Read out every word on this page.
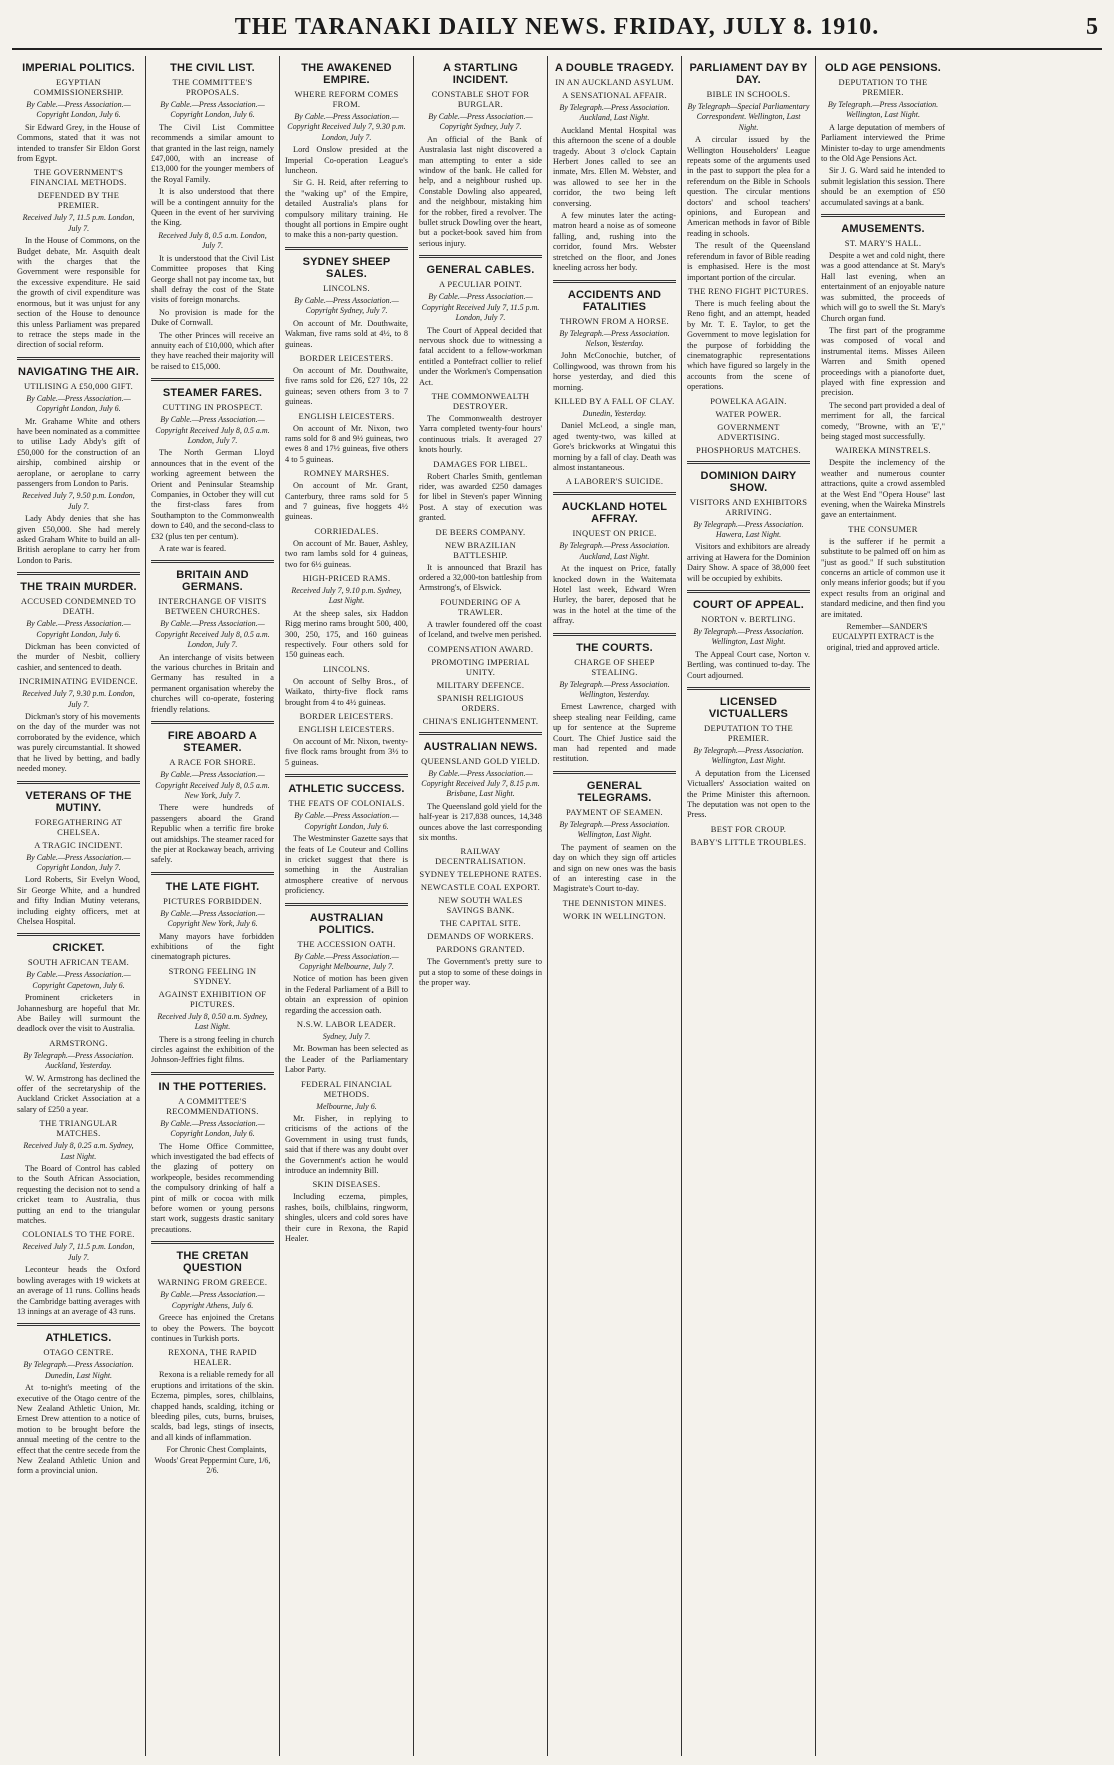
THE TARANAKI DAILY NEWS. FRIDAY, JULY 8. 1910.	5
IMPERIAL POLITICS.
EGYPTIAN COMMISSIONERSHIP.

By Cable.—Press Association.—Copyright London, July 6.

Sir Edward Grey, in the House of Commons, stated that it was not intended to transfer Sir Eldon Gorst from Egypt.

THE GOVERNMENT'S FINANCIAL METHODS.
DEFENDED BY THE PREMIER.

Received July 7, 11.5 p.m. London, July 7.

In the House of Commons, on the Budget debate, Mr. Asquith dealt with the charges that the Government were responsible for the excessive expenditure. He said the growth of civil expenditure was enormous, but it was unjust for any section of the House to denounce this unless Parliament was prepared to retrace the steps made in the direction of social reform.

NAVIGATING THE AIR.
UTILISING A £50,000 GIFT.

By Cable.—Press Association.—Copyright London, July 6.

Mr. Grahame White and others have been nominated as a committee to utilise Lady Abdy's gift of £50,000 for the construction of an airship, combined airship or aeroplane, or aeroplane to carry passengers from London to Paris.

Received July 7, 9.50 p.m. London, July 7.

Lady Abdy denies that she has given £50,000. She had merely asked Graham White to build an all-British aeroplane to carry her from London to Paris.

THE TRAIN MURDER.
ACCUSED CONDEMNED TO DEATH.

By Cable.—Press Association.—Copyright London, July 6.

Dickman has been convicted of the murder of Nesbit, colliery cashier, and sentenced to death.

INCRIMINATING EVIDENCE.

Received July 7, 9.30 p.m. London, July 7.

Dickman's story of his movements on the day of the murder was not corroborated by the evidence, which was purely circumstantial. It showed that he lived by betting, and badly needed money.

VETERANS OF THE MUTINY.
FOREGATHERING AT CHELSEA.
A TRAGIC INCIDENT.

By Cable.—Press Association.—Copyright London, July 7.

Lord Roberts, Sir Evelyn Wood, Sir George White, and a hundred and fifty Indian Mutiny veterans, including eighty officers, met at Chelsea Hospital.

CRICKET.
SOUTH AFRICAN TEAM.

By Cable.—Press Association.—Copyright Capetown, July 6.

Prominent cricketers in Johannesburg are hopeful that Mr. Abe Bailey will surmount the deadlock over the visit to Australia.

ARMSTRONG.

By Telegraph.—Press Association. Auckland, Yesterday.

W. W. Armstrong has declined the offer of the secretaryship of the Auckland Cricket Association at a salary of £250 a year.

THE TRIANGULAR MATCHES.

Received July 8, 0.25 a.m. Sydney, Last Night.

The Board of Control has cabled to the South African Association, requesting the decision not to send a cricket team to Australia, thus putting an end to the triangular matches.

COLONIALS TO THE FORE.

Received July 7, 11.5 p.m. London, July 7.

Leconteur heads the Oxford bowling averages with 19 wickets at an average of 11 runs. Collins heads the Cambridge batting averages with 13 innings at an average of 43 runs.

ATHLETICS.
OTAGO CENTRE.

By Telegraph.—Press Association. Dunedin, Last Night.

At to-night's meeting of the executive of the Otago centre of the New Zealand Athletic Union, Mr. Ernest Drew attention to a notice of motion to be brought before the annual meeting of the centre to the effect that the centre secede from the New Zealand Athletic Union and form a provincial union.

THE CIVIL LIST.
THE COMMITTEE'S PROPOSALS.

By Cable.—Press Association.—Copyright London, July 6.

The Civil List Committee recommends a similar amount to that granted in the last reign, namely £47,000, with an increase of £13,000 for the younger members of the Royal Family.

It is also understood that there will be a contingent annuity for the Queen in the event of her surviving the King.

Received July 8, 0.5 a.m. London, July 7.

It is understood that the Civil List Committee proposes that King George shall not pay income tax, but shall defray the cost of the State visits of foreign monarchs.

No provision is made for the Duke of Cornwall.

The other Princes will receive an annuity each of £10,000, which after they have reached their majority will be raised to £15,000.

STEAMER FARES.
CUTTING IN PROSPECT.

By Cable.—Press Association.—Copyright Received July 8, 0.5 a.m. London, July 7.

The North German Lloyd announces that in the event of the working agreement between the Orient and Peninsular Steamship Companies, in October they will cut the first-class fares from Southampton to the Commonwealth down to £40, and the second-class to £32 (plus ten per centum).

A rate war is feared.

BRITAIN AND GERMANS.
INTERCHANGE OF VISITS BETWEEN CHURCHES.

By Cable.—Press Association.—Copyright Received July 8, 0.5 a.m. London, July 7.

An interchange of visits between the various churches in Britain and Germany has resulted in a permanent organisation whereby the churches will co-operate, fostering friendly relations.

FIRE ABOARD A STEAMER.
A RACE FOR SHORE.

By Cable.—Press Association.—Copyright Received July 8, 0.5 a.m. New York, July 7.

There were hundreds of passengers aboard the Grand Republic when a terrific fire broke out amidships. The steamer raced for the pier at Rockaway beach, arriving safely.

THE LATE FIGHT.
PICTURES FORBIDDEN.

By Cable.—Press Association.—Copyright New York, July 6.

Many mayors have forbidden exhibitions of the fight cinematograph pictures.

STRONG FEELING IN SYDNEY.
AGAINST EXHIBITION OF PICTURES.

Received July 8, 0.50 a.m. Sydney, Last Night.

There is a strong feeling in church circles against the exhibition of the Johnson-Jeffries fight films.

IN THE POTTERIES.
A COMMITTEE'S RECOMMENDATIONS.

By Cable.—Press Association.—Copyright London, July 6.

The Home Office Committee, which investigated the bad effects of the glazing of pottery on workpeople, besides recommending the compulsory drinking of half a pint of milk or cocoa with milk before women or young persons start work, suggests drastic sanitary precautions.

THE CRETAN QUESTION
WARNING FROM GREECE.

By Cable.—Press Association.—Copyright Athens, July 6.

Greece has enjoined the Cretans to obey the Powers. The boycott continues in Turkish ports.

REXONA, THE RAPID HEALER.

Rexona is a reliable remedy for all eruptions and irritations of the skin. Eczema, pimples, sores, chilblains, chapped hands, scalding, itching or bleeding piles, cuts, burns, bruises, scalds, bad legs, stings of insects, and all kinds of inflammation.

For Chronic Chest Complaints, Woods' Great Peppermint Cure, 1/6, 2/6.

THE AWAKENED EMPIRE.
WHERE REFORM COMES FROM.

By Cable.—Press Association.—Copyright Received July 7, 9.30 p.m. London, July 7.

Lord Onslow presided at the Imperial Co-operation League's luncheon.

Sir G. H. Reid, after referring to the "waking up" of the Empire, detailed Australia's plans for compulsory military training. He thought all portions in Empire ought to make this a non-party question.

SYDNEY SHEEP SALES.
LINCOLNS.

By Cable.—Press Association.—Copyright Sydney, July 7.

On account of Mr. Douthwaite, Wakman, five rams sold at 4½, to 8 guineas.

BORDER LEICESTERS.

On account of Mr. Douthwaite, five rams sold for £26, £27 10s, 22 guineas; seven others from 3 to 7 guineas.

ENGLISH LEICESTERS.

On account of Mr. Nixon, two rams sold for 8 and 9½ guineas, two ewes 8 and 17½ guineas, five others 4 to 5 guineas.

ROMNEY MARSHES.

On account of Mr. Grant, Canterbury, three rams sold for 5 and 7 guineas, five hoggets 4½ guineas.

CORRIEDALES.

On account of Mr. Bauer, Ashley, two ram lambs sold for 4 guineas, two for 6½ guineas.

HIGH-PRICED RAMS.

Received July 7, 9.10 p.m. Sydney, Last Night.

At the sheep sales, six Haddon Rigg merino rams brought 500, 400, 300, 250, 175, and 160 guineas respectively. Four others sold for 150 guineas each.

LINCOLNS.

On account of Selby Bros., of Waikato, thirty-five flock rams brought from 4 to 4½ guineas.

BORDER LEICESTERS.
ENGLISH LEICESTERS.

On account of Mr. Nixon, twenty-five flock rams brought from 3½ to 5 guineas.

ATHLETIC SUCCESS.
THE FEATS OF COLONIALS.

By Cable.—Press Association.—Copyright London, July 6.

The Westminster Gazette says that the feats of Le Couteur and Collins in cricket suggest that there is something in the Australian atmosphere creative of nervous proficiency.

AUSTRALIAN POLITICS.
THE ACCESSION OATH.

By Cable.—Press Association.—Copyright Melbourne, July 7.

Notice of motion has been given in the Federal Parliament of a Bill to obtain an expression of opinion regarding the accession oath.

N.S.W. LABOR LEADER.

Sydney, July 7.

Mr. Bowman has been selected as the Leader of the Parliamentary Labor Party.

FEDERAL FINANCIAL METHODS.

Melbourne, July 6.

Mr. Fisher, in replying to criticisms of the actions of the Government in using trust funds, said that if there was any doubt over the Government's action he would introduce an indemnity Bill.

SKIN DISEASES.

Including eczema, pimples, rashes, boils, chilblains, ringworm, shingles, ulcers and cold sores have their cure in Rexona, the Rapid Healer.

A STARTLING INCIDENT.
CONSTABLE SHOT FOR BURGLAR.

By Cable.—Press Association.—Copyright Sydney, July 7.

An official of the Bank of Australasia last night discovered a man attempting to enter a side window of the bank. He called for help, and a neighbour rushed up. Constable Dowling also appeared, and the neighbour, mistaking him for the robber, fired a revolver. The bullet struck Dowling over the heart, but a pocket-book saved him from serious injury.

GENERAL CABLES.
A PECULIAR POINT.

By Cable.—Press Association.—Copyright Received July 7, 11.5 p.m. London, July 7.

The Court of Appeal decided that nervous shock due to witnessing a fatal accident to a fellow-workman entitled a Pontefract collier to relief under the Workmen's Compensation Act.

THE COMMONWEALTH DESTROYER.

The Commonwealth destroyer Yarra completed twenty-four hours' continuous trials. It averaged 27 knots hourly.

DAMAGES FOR LIBEL.

Robert Charles Smith, gentleman rider, was awarded £250 damages for libel in Steven's paper Winning Post. A stay of execution was granted.

DE BEERS COMPANY.
NEW BRAZILIAN BATTLESHIP.

It is announced that Brazil has ordered a 32,000-ton battleship from Armstrong's, of Elswick.

FOUNDERING OF A TRAWLER.

A trawler foundered off the coast of Iceland, and twelve men perished.

COMPENSATION AWARD.
PROMOTING IMPERIAL UNITY.
MILITARY DEFENCE.
SPANISH RELIGIOUS ORDERS.
CHINA'S ENLIGHTENMENT.
AUSTRALIAN NEWS.
QUEENSLAND GOLD YIELD.

By Cable.—Press Association.—Copyright Received July 7, 8.15 p.m. Brisbane, Last Night.

The Queensland gold yield for the half-year is 217,838 ounces, 14,348 ounces above the last corresponding six months.

RAILWAY DECENTRALISATION.
SYDNEY TELEPHONE RATES.
NEWCASTLE COAL EXPORT.
NEW SOUTH WALES SAVINGS BANK.
THE CAPITAL SITE.
DEMANDS OF WORKERS.
PARDONS GRANTED.

The Government's pretty sure to put a stop to some of these doings in the proper way.

A DOUBLE TRAGEDY.
IN AN AUCKLAND ASYLUM.
A SENSATIONAL AFFAIR.

By Telegraph.—Press Association. Auckland, Last Night.

Auckland Mental Hospital was this afternoon the scene of a double tragedy. About 3 o'clock Captain Herbert Jones called to see an inmate, Mrs. Ellen M. Webster, and was allowed to see her in the corridor, the two being left conversing.

A few minutes later the acting-matron heard a noise as of someone falling, and, rushing into the corridor, found Mrs. Webster stretched on the floor, and Jones kneeling across her body.

ACCIDENTS AND FATALITIES
THROWN FROM A HORSE.

By Telegraph.—Press Association. Nelson, Yesterday.

John McConochie, butcher, of Collingwood, was thrown from his horse yesterday, and died this morning.

KILLED BY A FALL OF CLAY.

Dunedin, Yesterday.

Daniel McLeod, a single man, aged twenty-two, was killed at Gore's brickworks at Wingatui this morning by a fall of clay. Death was almost instantaneous.

A LABORER'S SUICIDE.
AUCKLAND HOTEL AFFRAY.
INQUEST ON PRICE.

By Telegraph.—Press Association. Auckland, Last Night.

At the inquest on Price, fatally knocked down in the Waitemata Hotel last week, Edward Wren Hurley, the barer, deposed that he was in the hotel at the time of the affray.

THE COURTS.
CHARGE OF SHEEP STEALING.

By Telegraph.—Press Association. Wellington, Yesterday.

Ernest Lawrence, charged with sheep stealing near Feilding, came up for sentence at the Supreme Court. The Chief Justice said the man had repented and made restitution.

GENERAL TELEGRAMS.
PAYMENT OF SEAMEN.

By Telegraph.—Press Association. Wellington, Last Night.

The payment of seamen on the day on which they sign off articles and sign on new ones was the basis of an interesting case in the Magistrate's Court to-day.

THE DENNISTON MINES.
WORK IN WELLINGTON.
PARLIAMENT DAY BY DAY.
BIBLE IN SCHOOLS.

By Telegraph—Special Parliamentary Correspondent. Wellington, Last Night.

A circular issued by the Wellington Householders' League repeats some of the arguments used in the past to support the plea for a referendum on the Bible in Schools question. The circular mentions doctors' and school teachers' opinions, and European and American methods in favor of Bible reading in schools.

The result of the Queensland referendum in favor of Bible reading is emphasised. Here is the most important portion of the circular.

THE RENO FIGHT PICTURES.

There is much feeling about the Reno fight, and an attempt, headed by Mr. T. E. Taylor, to get the Government to move legislation for the purpose of forbidding the cinematographic representations which have figured so largely in the accounts from the scene of operations.

POWELKA AGAIN.
WATER POWER.
GOVERNMENT ADVERTISING.
PHOSPHORUS MATCHES.
DOMINION DAIRY SHOW.
VISITORS AND EXHIBITORS ARRIVING.

By Telegraph.—Press Association. Hawera, Last Night.

Visitors and exhibitors are already arriving at Hawera for the Dominion Dairy Show. A space of 38,000 feet will be occupied by exhibits.

COURT OF APPEAL.
NORTON v. BERTLING.

By Telegraph.—Press Association. Wellington, Last Night.

The Appeal Court case, Norton v. Bertling, was continued to-day. The Court adjourned.

LICENSED VICTUALLERS
DEPUTATION TO THE PREMIER.

By Telegraph.—Press Association. Wellington, Last Night.

A deputation from the Licensed Victuallers' Association waited on the Prime Minister this afternoon. The deputation was not open to the Press.

BEST FOR CROUP.
BABY'S LITTLE TROUBLES.
OLD AGE PENSIONS.
DEPUTATION TO THE PREMIER.

By Telegraph.—Press Association. Wellington, Last Night.

A large deputation of members of Parliament interviewed the Prime Minister to-day to urge amendments to the Old Age Pensions Act.

Sir J. G. Ward said he intended to submit legislation this session. There should be an exemption of £50 accumulated savings at a bank.

AMUSEMENTS.
ST. MARY'S HALL.

Despite a wet and cold night, there was a good attendance at St. Mary's Hall last evening, when an entertainment of an enjoyable nature was submitted, the proceeds of which will go to swell the St. Mary's Church organ fund.

The first part of the programme was composed of vocal and instrumental items. Misses Aileen Warren and Smith opened proceedings with a pianoforte duet, played with fine expression and precision.

The second part provided a deal of merriment for all, the farcical comedy, "Browne, with an 'E'," being staged most successfully.

WAIREKA MINSTRELS.

Despite the inclemency of the weather and numerous counter attractions, quite a crowd assembled at the West End "Opera House" last evening, when the Waireka Minstrels gave an entertainment.

THE CONSUMER

is the sufferer if he permit a substitute to be palmed off on him as "just as good." If such substitution concerns an article of common use it only means inferior goods; but if you expect results from an original and standard medicine, and then find you are imitated.

Remember—SANDER'S EUCALYPTI EXTRACT is the original, tried and approved article.
